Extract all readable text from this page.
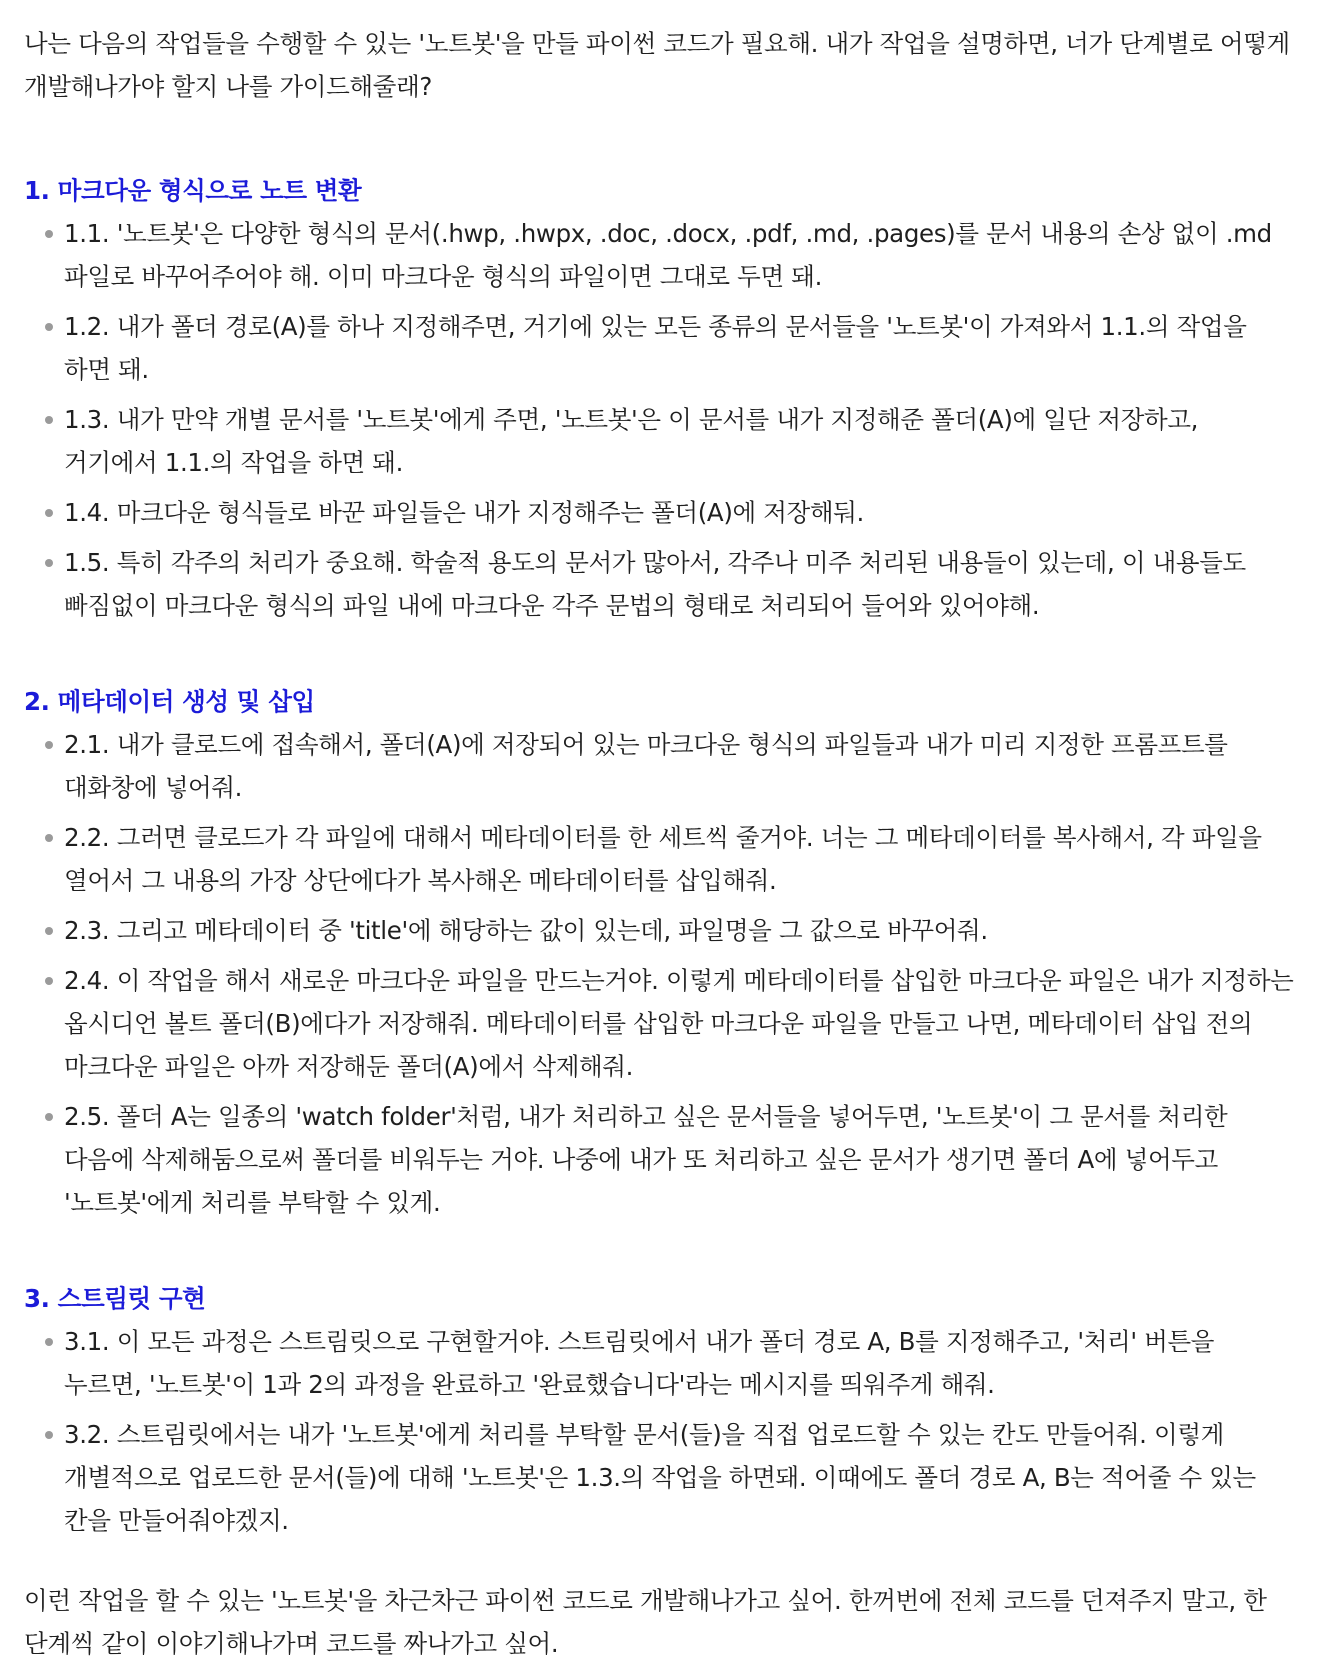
나는 다음의 작업들을 수행할 수 있는 '노트봇'을 만들 파이썬 코드가 필요해. 내가 작업을 설명하면, 너가 단계별로 어떻게 개발해나가야 할지 나를 가이드해줄래?

1. 마크다운 형식으로 노트 변환
1.1. '노트봇'은 다양한 형식의 문서(.hwp, .hwpx, .doc, .docx, .pdf, .md, .pages)를 문서 내용의 손상 없이 .md 파일로 바꾸어주어야 해. 이미 마크다운 형식의 파일이면 그대로 두면 돼.
1.2. 내가 폴더 경로(A)를 하나 지정해주면, 거기에 있는 모든 종류의 문서들을 '노트봇'이 가져와서 1.1.의 작업을 하면 돼.
1.3. 내가 만약 개별 문서를 '노트봇'에게 주면, '노트봇'은 이 문서를 내가 지정해준 폴더(A)에 일단 저장하고, 거기에서 1.1.의 작업을 하면 돼.
1.4. 마크다운 형식들로 바꾼 파일들은 내가 지정해주는 폴더(A)에 저장해둬.
1.5. 특히 각주의 처리가 중요해. 학술적 용도의 문서가 많아서, 각주나 미주 처리된 내용들이 있는데, 이 내용들도 빠짐없이 마크다운 형식의 파일 내에 마크다운 각주 문법의 형태로 처리되어 들어와 있어야해.
2. 메타데이터 생성 및 삽입
2.1. 내가 클로드에 접속해서, 폴더(A)에 저장되어 있는 마크다운 형식의 파일들과 내가 미리 지정한 프롬프트를 대화창에 넣어줘.
2.2. 그러면 클로드가 각 파일에 대해서 메타데이터를 한 세트씩 줄거야. 너는 그 메타데이터를 복사해서, 각 파일을 열어서 그 내용의 가장 상단에다가 복사해온 메타데이터를 삽입해줘.
2.3. 그리고 메타데이터 중 'title'에 해당하는 값이 있는데, 파일명을 그 값으로 바꾸어줘.
2.4. 이 작업을 해서 새로운 마크다운 파일을 만드는거야. 이렇게 메타데이터를 삽입한 마크다운 파일은 내가 지정하는 옵시디언 볼트 폴더(B)에다가 저장해줘. 메타데이터를 삽입한 마크다운 파일을 만들고 나면, 메타데이터 삽입 전의 마크다운 파일은 아까 저장해둔 폴더(A)에서 삭제해줘.
2.5. 폴더 A는 일종의 'watch folder'처럼, 내가 처리하고 싶은 문서들을 넣어두면, '노트봇'이 그 문서를 처리한 다음에 삭제해둠으로써 폴더를 비워두는 거야. 나중에 내가 또 처리하고 싶은 문서가 생기면 폴더 A에 넣어두고 '노트봇'에게 처리를 부탁할 수 있게.
3. 스트림릿 구현
3.1. 이 모든 과정은 스트림릿으로 구현할거야. 스트림릿에서 내가 폴더 경로 A, B를 지정해주고, '처리' 버튼을 누르면, '노트봇'이 1과 2의 과정을 완료하고 '완료했습니다'라는 메시지를 띄워주게 해줘.
3.2. 스트림릿에서는 내가 '노트봇'에게 처리를 부탁할 문서(들)을 직접 업로드할 수 있는 칸도 만들어줘. 이렇게 개별적으로 업로드한 문서(들)에 대해 '노트봇'은 1.3.의 작업을 하면돼. 이때에도 폴더 경로 A, B는 적어줄 수 있는 칸을 만들어줘야겠지.

이런 작업을 할 수 있는 '노트봇'을 차근차근 파이썬 코드로 개발해나가고 싶어. 한꺼번에 전체 코드를 던져주지 말고, 한 단계씩 같이 이야기해나가며 코드를 짜나가고 싶어.
